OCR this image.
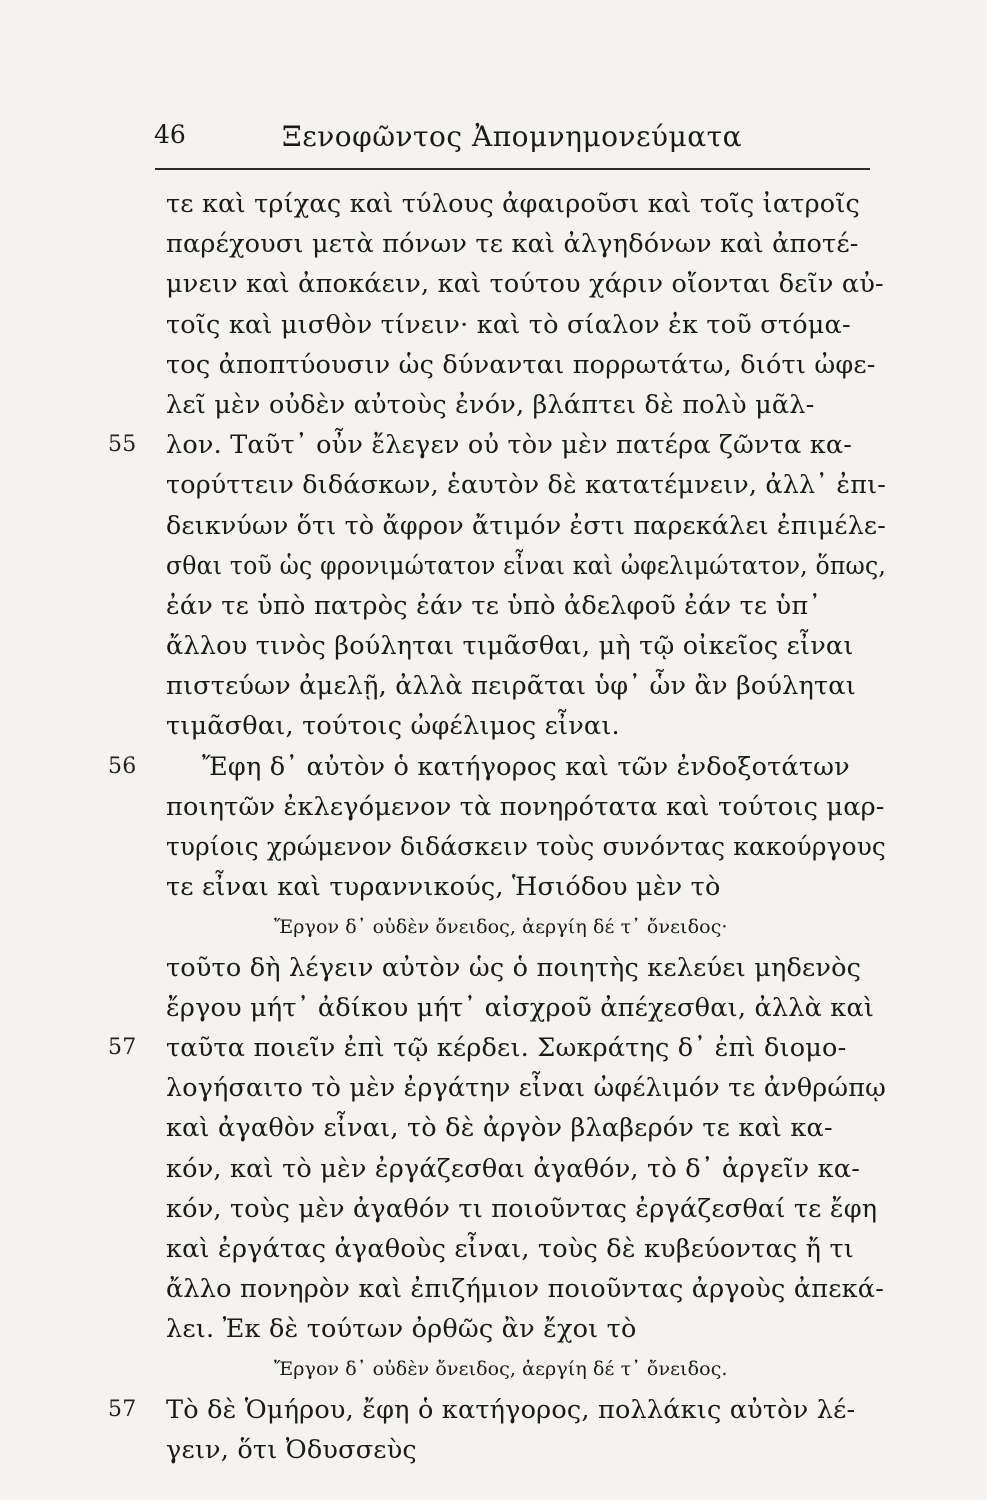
46	Ξενοφῶντος Ἀπομνημονεύματα
τε καὶ τρίχας καὶ τύλους ἀφαιροῦσι καὶ τοῖς ἰατροῖς
παρέχουσι μετὰ πόνων τε καὶ ἀλγηδόνων καὶ ἀποτέ-
μνειν καὶ ἀποκάειν, καὶ τούτου χάριν οἴονται δεῖν αὐ-
τοῖς καὶ μισθὸν τίνειν· καὶ τὸ σίαλον ἐκ τοῦ στόμα-
τος ἀποπτύουσιν ὡς δύνανται πορρωτάτω, διότι ὠφε-
λεῖ μὲν οὐδὲν αὐτοὺς ἐνόν, βλάπτει δὲ πολὺ μᾶλ-
55 λον. Ταῦτ᾽ οὖν ἔλεγεν οὐ τὸν μὲν πατέρα ζῶντα κα-
τορύττειν διδάσκων, ἑαυτὸν δὲ κατατέμνειν, ἀλλ᾽ ἐπι-
δεικνύων ὅτι τὸ ἄφρον ἄτιμόν ἐστι παρεκάλει ἐπιμέλε-
σθαι τοῦ ὡς φρονιμώτατον εἶναι καὶ ὠφελιμώτατον, ὅπως,
ἐάν τε ὑπὸ πατρὸς ἐάν τε ὑπὸ ἀδελφοῦ ἐάν τε ὑπ᾽
ἄλλου τινὸς βούληται τιμᾶσθαι, μὴ τῷ οἰκεῖος εἶναι
πιστεύων ἀμελῇ, ἀλλὰ πειρᾶται ὑφ᾽ ὧν ἂν βούληται
τιμᾶσθαι, τούτοις ὠφέλιμος εἶναι.
56	Ἔφη δ᾽ αὐτὸν ὁ κατήγορος καὶ τῶν ἐνδοξοτάτων
ποιητῶν ἐκλεγόμενον τὰ πονηρότατα καὶ τούτοις μαρ-
τυρίοις χρώμενον διδάσκειν τοὺς συνόντας κακούργους
τε εἶναι καὶ τυραννικούς, Ἡσιόδου μὲν τὸ
Ἔργον δ᾽ οὐδὲν ὄνειδος, ἀεργίη δέ τ᾽ ὄνειδος·
τοῦτο δὴ λέγειν αὐτὸν ὡς ὁ ποιητὴς κελεύει μηδενὸς
ἔργου μήτ᾽ ἀδίκου μήτ᾽ αἰσχροῦ ἀπέχεσθαι, ἀλλὰ καὶ
57 ταῦτα ποιεῖν ἐπὶ τῷ κέρδει. Σωκράτης δ᾽ ἐπὶ διομο-
λογήσαιτο τὸ μὲν ἐργάτην εἶναι ὠφέλιμόν τε ἀνθρώπῳ
καὶ ἀγαθὸν εἶναι, τὸ δὲ ἀργὸν βλαβερόν τε καὶ κα-
κόν, καὶ τὸ μὲν ἐργάζεσθαι ἀγαθόν, τὸ δ᾽ ἀργεῖν κα-
κόν, τοὺς μὲν ἀγαθόν τι ποιοῦντας ἐργάζεσθαί τε ἔφη
καὶ ἐργάτας ἀγαθοὺς εἶναι, τοὺς δὲ κυβεύοντας ἤ τι
ἄλλο πονηρὸν καὶ ἐπιζήμιον ποιοῦντας ἀργοὺς ἀπεκά-
λει. Ἐκ δὲ τούτων ὀρθῶς ἂν ἔχοι τὸ
Ἔργον δ᾽ οὐδὲν ὄνειδος, ἀεργίη δέ τ᾽ ὄνειδος.
57 Τὸ δὲ Ὁμήρου, ἔφη ὁ κατήγορος, πολλάκις αὐτὸν λέ-
γειν, ὅτι Ὀδυσσεὺς
